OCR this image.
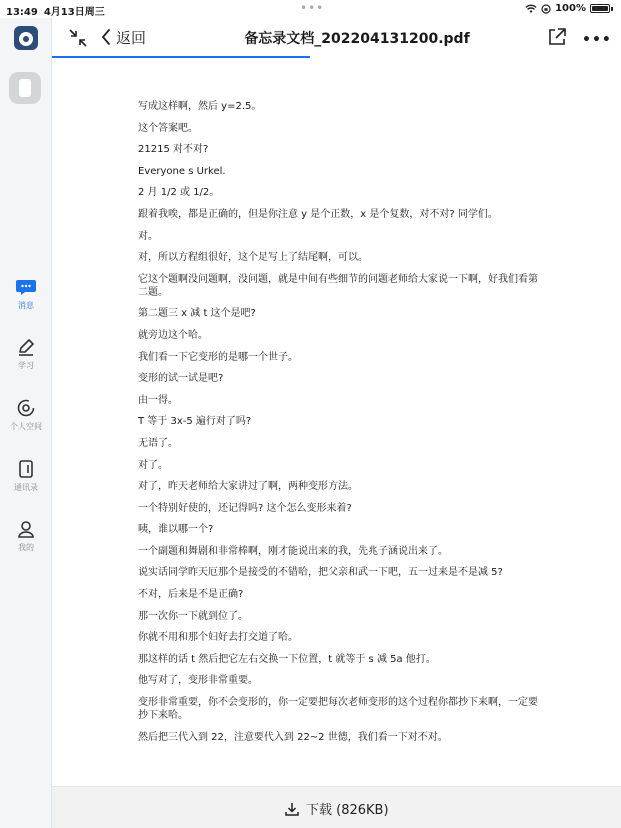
13:49 4月13日周三	•••	100%
消息
学习
个人空间
通讯录
我的
返回	备忘录文档_202204131200.pdf	•••
写成这样啊，然后 y=2.5。
这个答案吧。
21215 对不对?
Everyone s Urkel.
2 月 1/2 或 1/2。
跟着我唉，都是正确的，但是你注意 y 是个正数，x 是个复数，对不对? 同学们。
对。
对，所以方程组很好，这个足写上了结尾啊，可以。
它这个题啊没问题啊，没问题，就是中间有些细节的问题老师给大家说一下啊，好我们看第二题。
第二题三 x 减 t 这个是吧?
就旁边这个哈。
我们看一下它变形的是哪一个世子。
变形的试一试是吧?
由一得。
T 等于 3x-5 遍行对了吗?
无语了。
对了。
对了，昨天老师给大家讲过了啊，两种变形方法。
一个特别好使的，还记得吗? 这个怎么变形来着?
咦，谁以哪一个?
一个副题和舞剧和非常棒啊，刚才能说出来的我，先兆子涵说出来了。
说实话同学昨天厄那个是接受的不错哈，把父亲和武一下吧，五一过来是不是减 5?
不对，后来是不是正确?
那一次你一下就到位了。
你就不用和那个妇好去打交道了哈。
那这样的话 t 然后把它左右交换一下位置，t 就等于 s 减 5a 他打。
他写对了，变形非常重要。
变形非常重要，你不会变形的，你一定要把每次老师变形的这个过程你都抄下来啊，一定要抄下来哈。
然后把三代入到 22，注意要代入到 22~2 世德，我们看一下对不对。
下载 (826KB)
